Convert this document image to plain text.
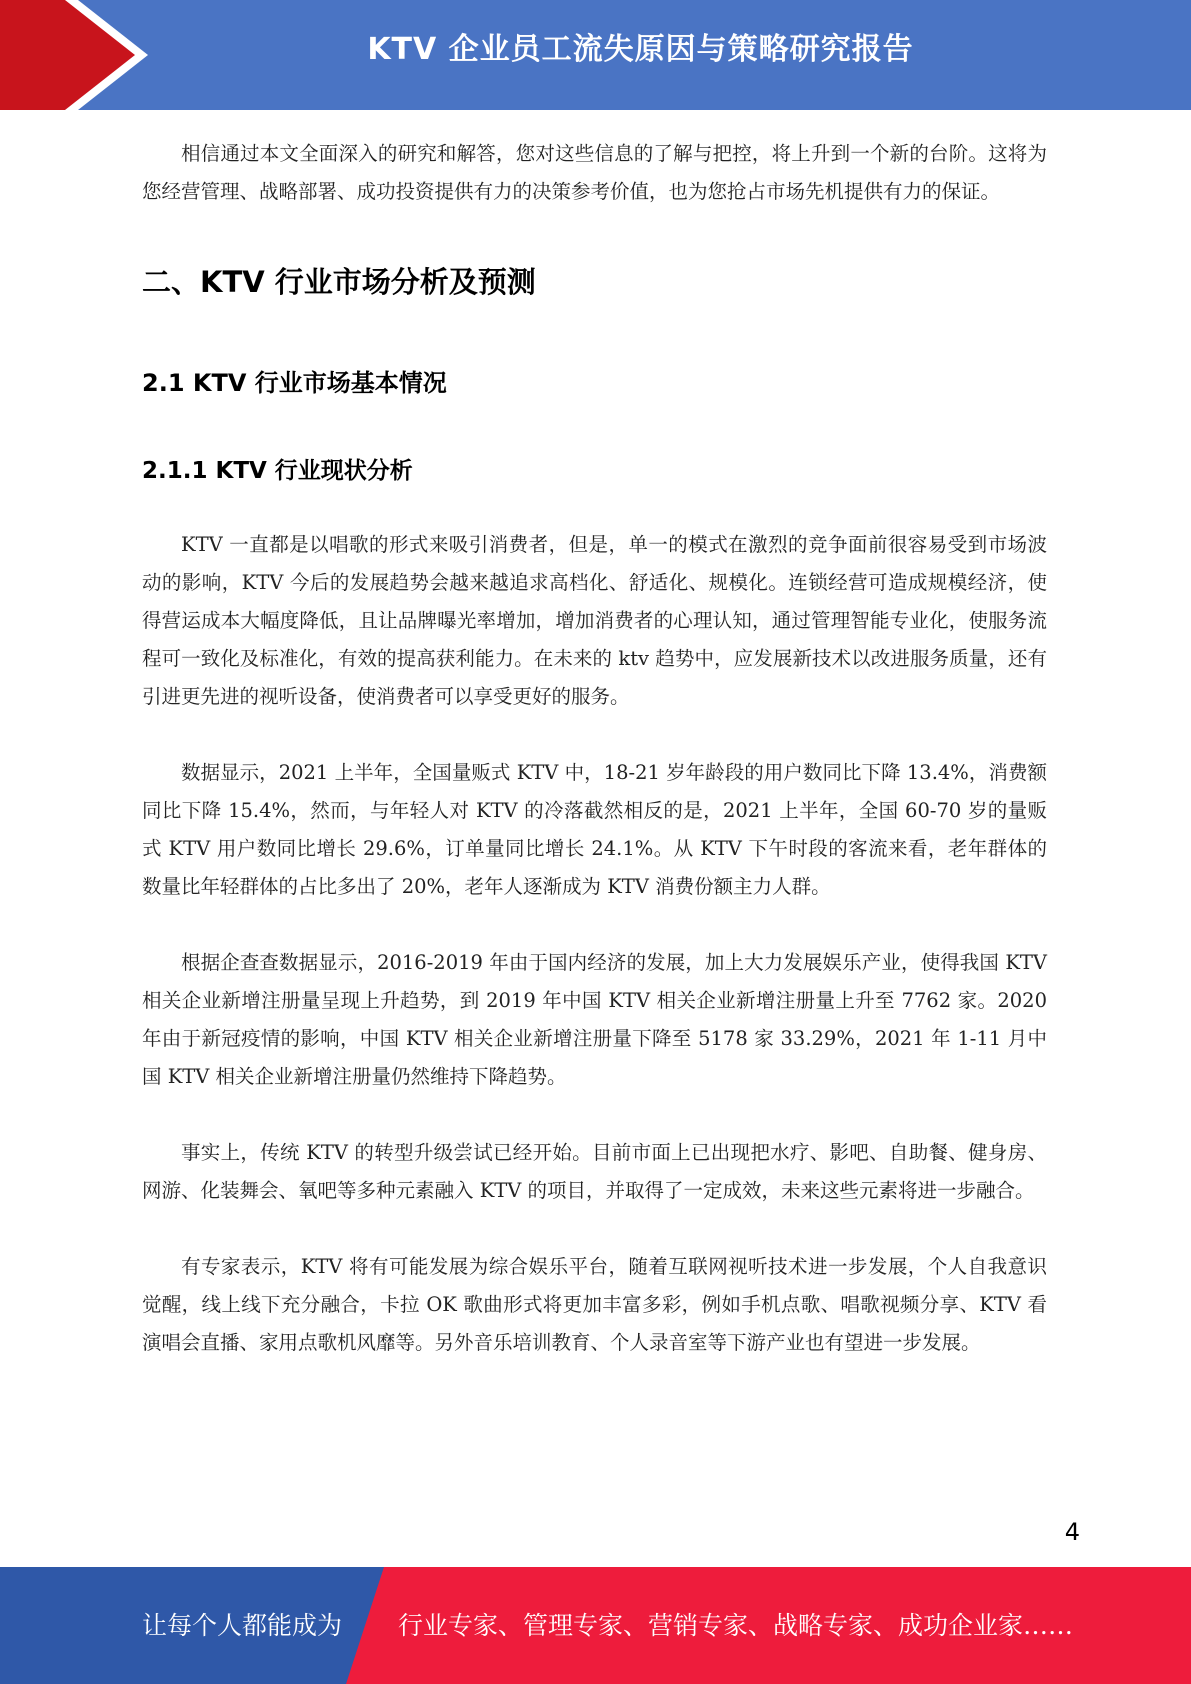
KTV 企业员工流失原因与策略研究报告

相信通过本文全面深入的研究和解答，您对这些信息的了解与把控，将上升到一个新的台阶。这将为您经营管理、战略部署、成功投资提供有力的决策参考价值，也为您抢占市场先机提供有力的保证。

二、KTV 行业市场分析及预测
2.1 KTV 行业市场基本情况
2.1.1 KTV 行业现状分析

KTV 一直都是以唱歌的形式来吸引消费者，但是，单一的模式在激烈的竞争面前很容易受到市场波动的影响，KTV 今后的发展趋势会越来越追求高档化、舒适化、规模化。连锁经营可造成规模经济，使得营运成本大幅度降低，且让品牌曝光率增加，增加消费者的心理认知，通过管理智能专业化，使服务流程可一致化及标准化，有效的提高获利能力。在未来的 ktv 趋势中，应发展新技术以改进服务质量，还有引进更先进的视听设备，使消费者可以享受更好的服务。

数据显示，2021 上半年，全国量贩式 KTV 中，18-21 岁年龄段的用户数同比下降 13.4%，消费额同比下降 15.4%，然而，与年轻人对 KTV 的冷落截然相反的是，2021 上半年，全国 60-70 岁的量贩式 KTV 用户数同比增长 29.6%，订单量同比增长 24.1%。从 KTV 下午时段的客流来看，老年群体的数量比年轻群体的占比多出了 20%，老年人逐渐成为 KTV 消费份额主力人群。

根据企查查数据显示，2016-2019 年由于国内经济的发展，加上大力发展娱乐产业，使得我国 KTV 相关企业新增注册量呈现上升趋势，到 2019 年中国 KTV 相关企业新增注册量上升至 7762 家。2020 年由于新冠疫情的影响，中国 KTV 相关企业新增注册量下降至 5178 家 33.29%，2021 年 1-11 月中国 KTV 相关企业新增注册量仍然维持下降趋势。

事实上，传统 KTV 的转型升级尝试已经开始。目前市面上已出现把水疗、影吧、自助餐、健身房、网游、化装舞会、氧吧等多种元素融入 KTV 的项目，并取得了一定成效，未来这些元素将进一步融合。

有专家表示，KTV 将有可能发展为综合娱乐平台，随着互联网视听技术进一步发展，个人自我意识觉醒，线上线下充分融合，卡拉 OK 歌曲形式将更加丰富多彩，例如手机点歌、唱歌视频分享、KTV 看演唱会直播、家用点歌机风靡等。另外音乐培训教育、个人录音室等下游产业也有望进一步发展。

4
让每个人都能成为 行业专家、管理专家、营销专家、战略专家、成功企业家……
